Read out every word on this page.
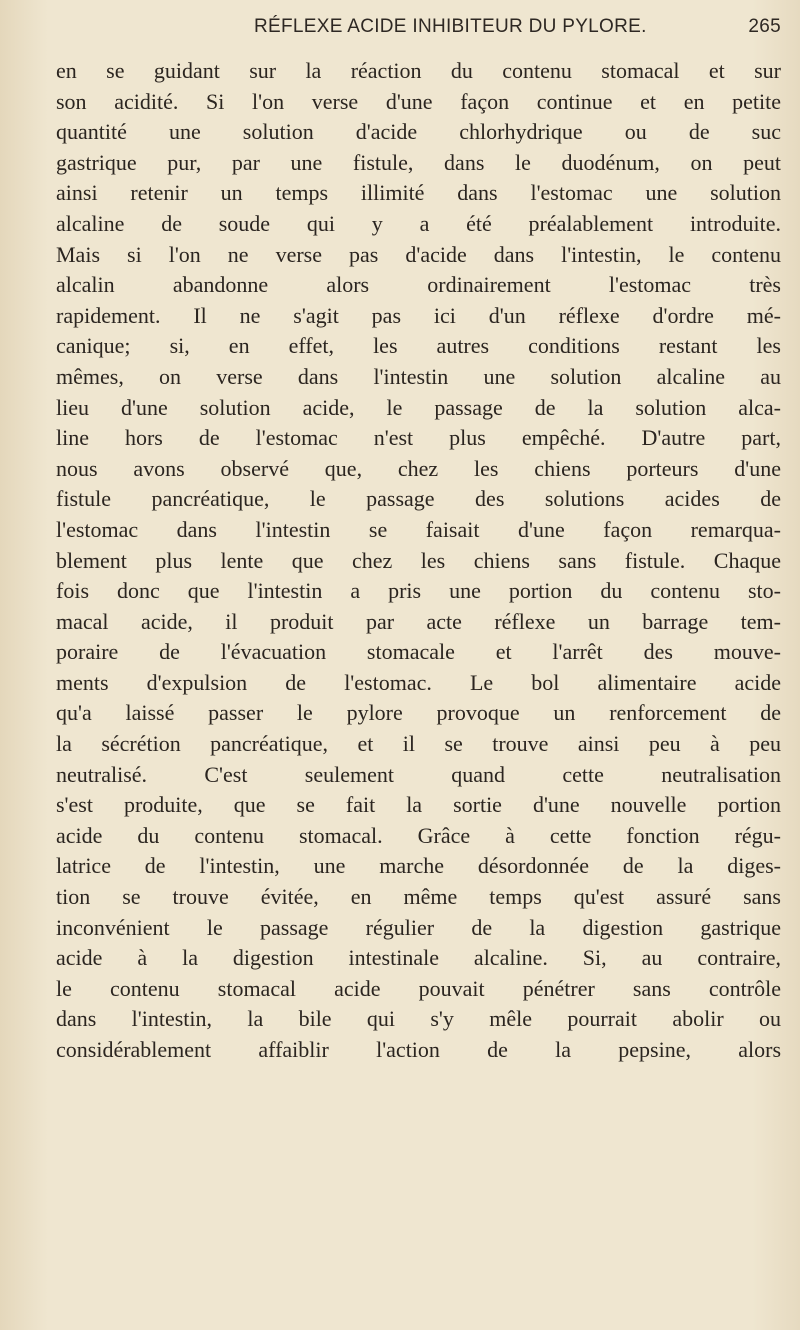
RÉFLEXE ACIDE INHIBITEUR DU PYLORE.	265
en se guidant sur la réaction du contenu stomacal et sur
son acidité. Si l'on verse d'une façon continue et en petite
quantité une solution d'acide chlorhydrique ou de suc
gastrique pur, par une fistule, dans le duodénum, on peut
ainsi retenir un temps illimité dans l'estomac une solution
alcaline de soude qui y a été préalablement introduite.
Mais si l'on ne verse pas d'acide dans l'intestin, le contenu
alcalin abandonne alors ordinairement l'estomac très
rapidement. Il ne s'agit pas ici d'un réflexe d'ordre mé-
canique; si, en effet, les autres conditions restant les
mêmes, on verse dans l'intestin une solution alcaline au
lieu d'une solution acide, le passage de la solution alca-
line hors de l'estomac n'est plus empêché. D'autre part,
nous avons observé que, chez les chiens porteurs d'une
fistule pancréatique, le passage des solutions acides de
l'estomac dans l'intestin se faisait d'une façon remarqua-
blement plus lente que chez les chiens sans fistule. Chaque
fois donc que l'intestin a pris une portion du contenu sto-
macal acide, il produit par acte réflexe un barrage tem-
poraire de l'évacuation stomacale et l'arrêt des mouve-
ments d'expulsion de l'estomac. Le bol alimentaire acide
qu'a laissé passer le pylore provoque un renforcement de
la sécrétion pancréatique, et il se trouve ainsi peu à peu
neutralisé. C'est seulement quand cette neutralisation
s'est produite, que se fait la sortie d'une nouvelle portion
acide du contenu stomacal. Grâce à cette fonction régu-
latrice de l'intestin, une marche désordonnée de la diges-
tion se trouve évitée, en même temps qu'est assuré sans
inconvénient le passage régulier de la digestion gastrique
acide à la digestion intestinale alcaline. Si, au contraire,
le contenu stomacal acide pouvait pénétrer sans contrôle
dans l'intestin, la bile qui s'y mêle pourrait abolir ou
considérablement affaiblir l'action de la pepsine, alors
